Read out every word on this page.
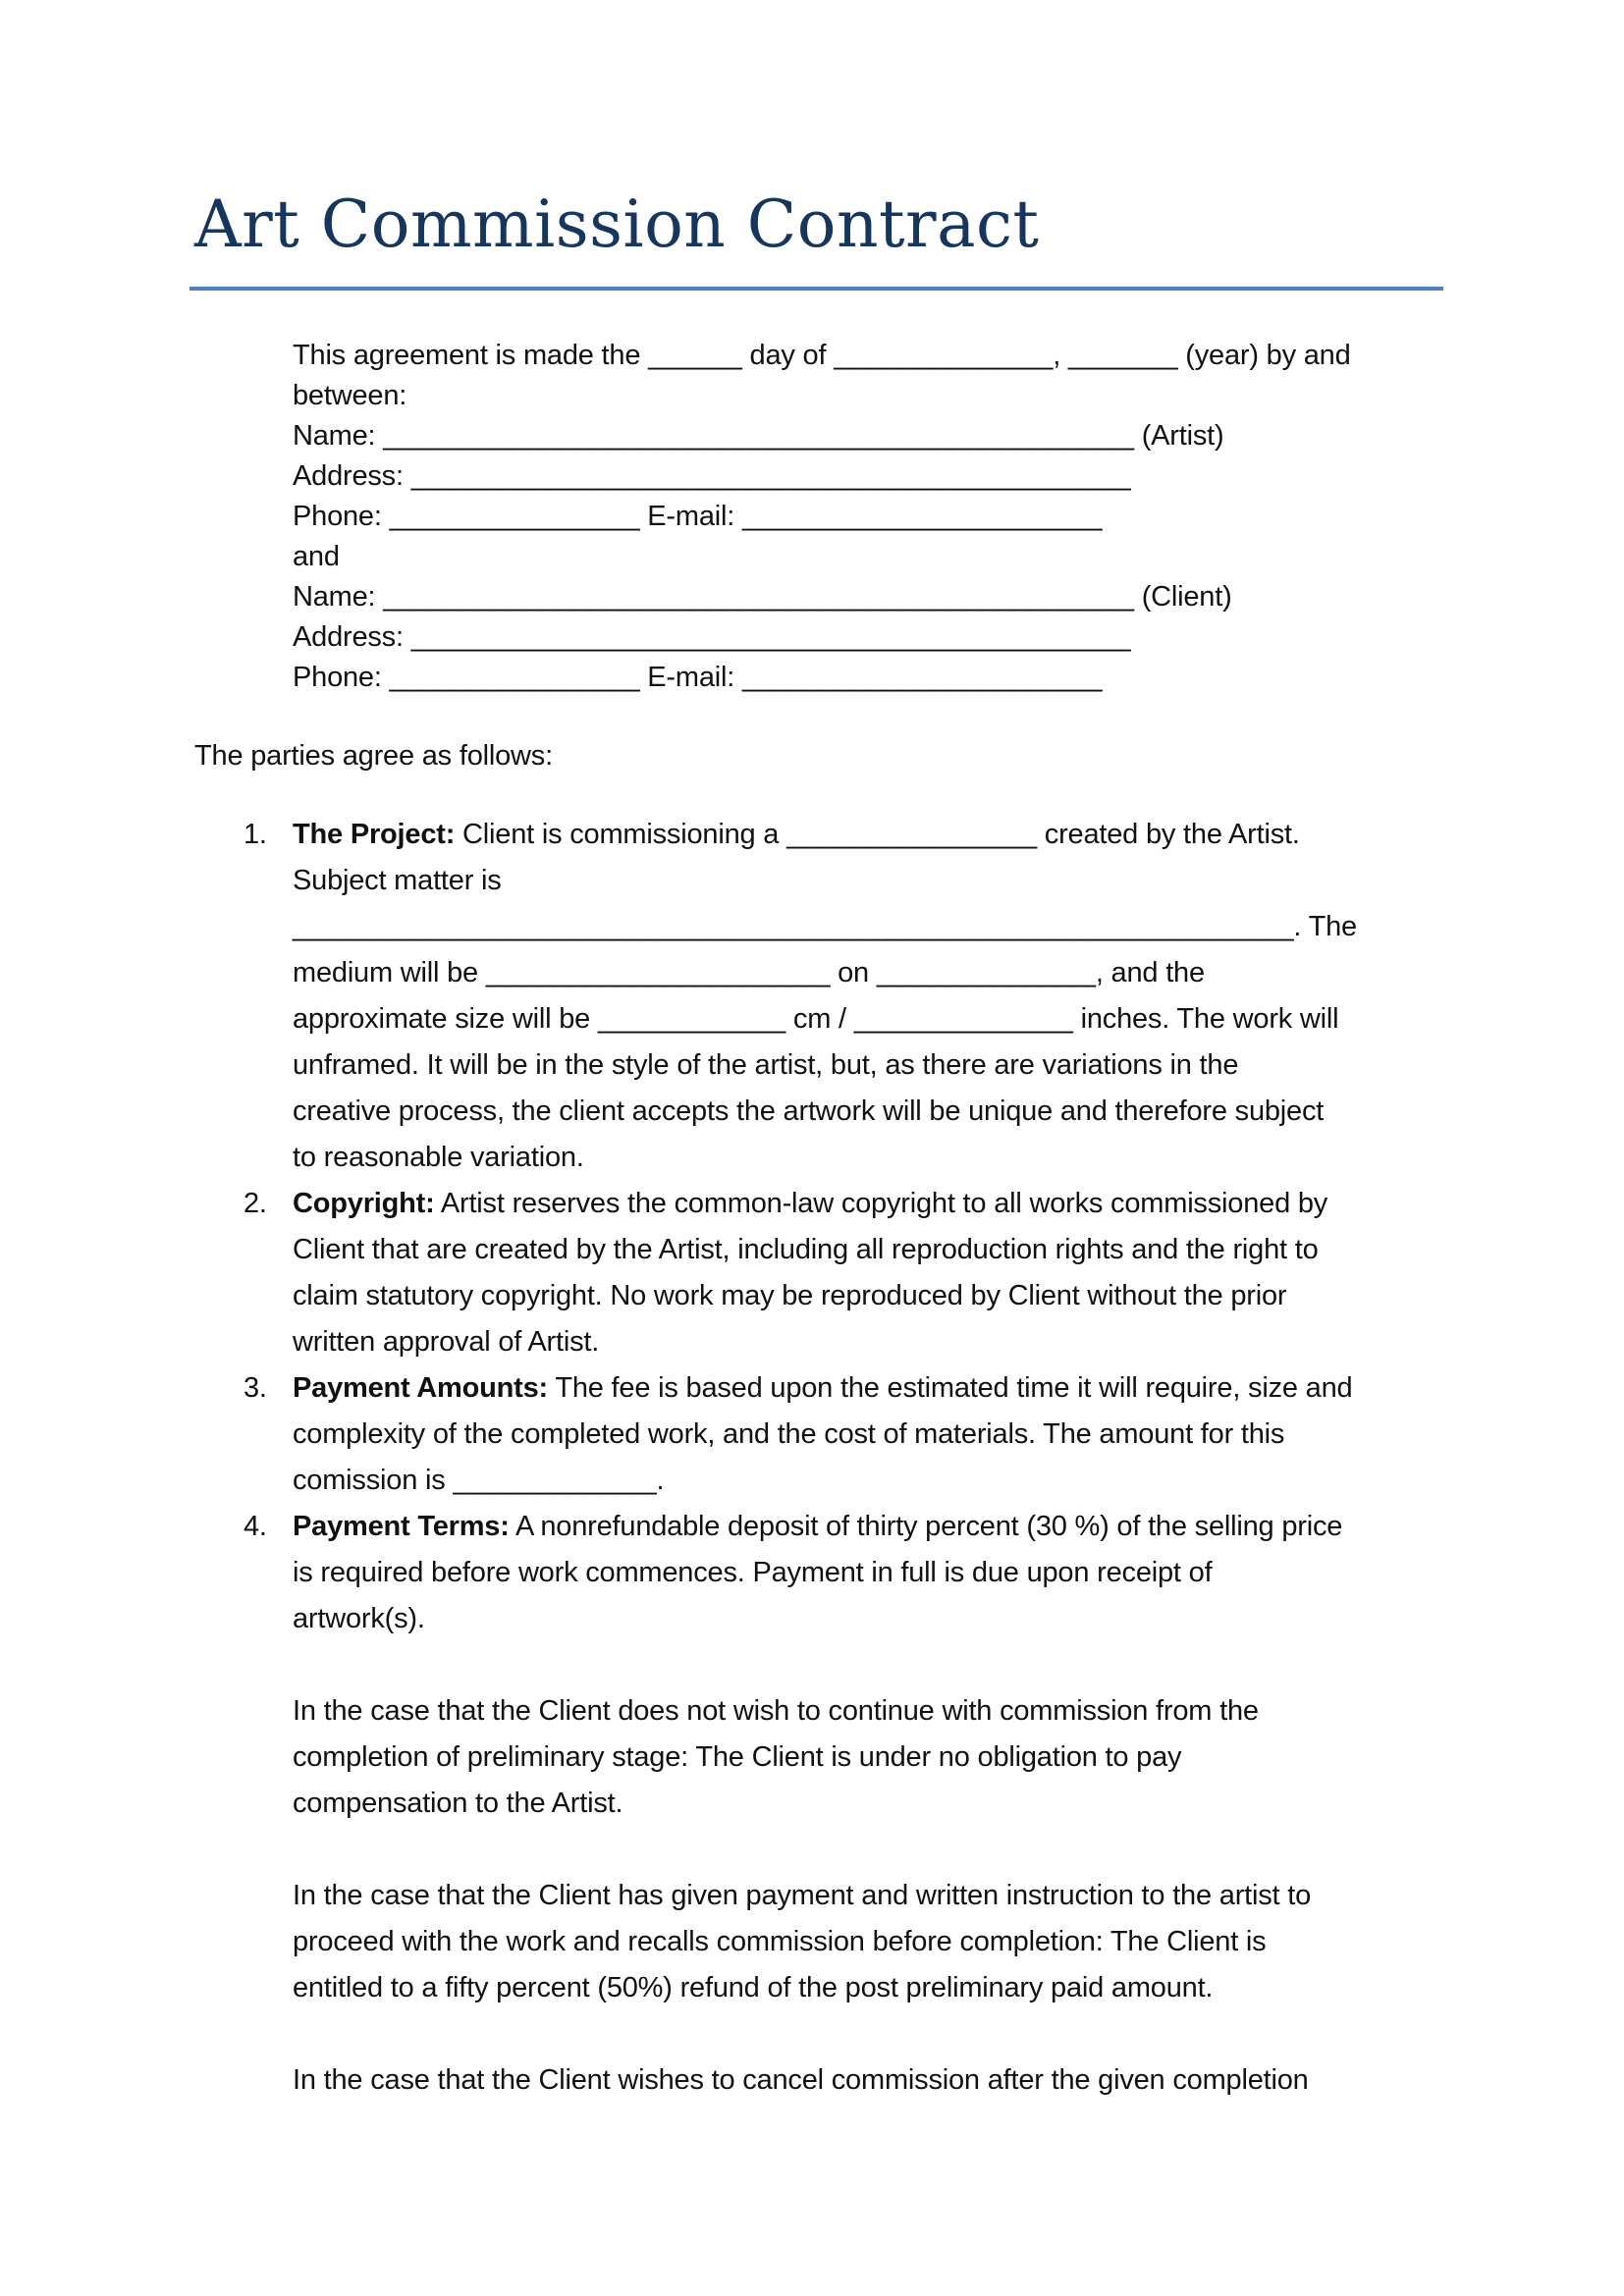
Art Commission Contract
This agreement is made the ______ day of ______________, _______ (year) by and
between:
Name: ________________________________________________ (Artist)
Address: ______________________________________________
Phone: ________________ E-mail: _______________________
and
Name: ________________________________________________ (Client)
Address: ______________________________________________
Phone: ________________ E-mail: _______________________
The parties agree as follows:
1. The Project: Client is commissioning a ________________ created by the Artist.
Subject matter is
________________________________________________________________. The
medium will be ______________________ on ______________, and the
approximate size will be ____________ cm / ______________ inches. The work will
unframed. It will be in the style of the artist, but, as there are variations in the
creative process, the client accepts the artwork will be unique and therefore subject
to reasonable variation.
2. Copyright: Artist reserves the common-law copyright to all works commissioned by
Client that are created by the Artist, including all reproduction rights and the right to
claim statutory copyright. No work may be reproduced by Client without the prior
written approval of Artist.
3. Payment Amounts: The fee is based upon the estimated time it will require, size and
complexity of the completed work, and the cost of materials. The amount for this
comission is _____________.
4. Payment Terms: A nonrefundable deposit of thirty percent (30 %) of the selling price
is required before work commences. Payment in full is due upon receipt of
artwork(s).
In the case that the Client does not wish to continue with commission from the
completion of preliminary stage: The Client is under no obligation to pay
compensation to the Artist.
In the case that the Client has given payment and written instruction to the artist to
proceed with the work and recalls commission before completion: The Client is
entitled to a fifty percent (50%) refund of the post preliminary paid amount.
In the case that the Client wishes to cancel commission after the given completion
